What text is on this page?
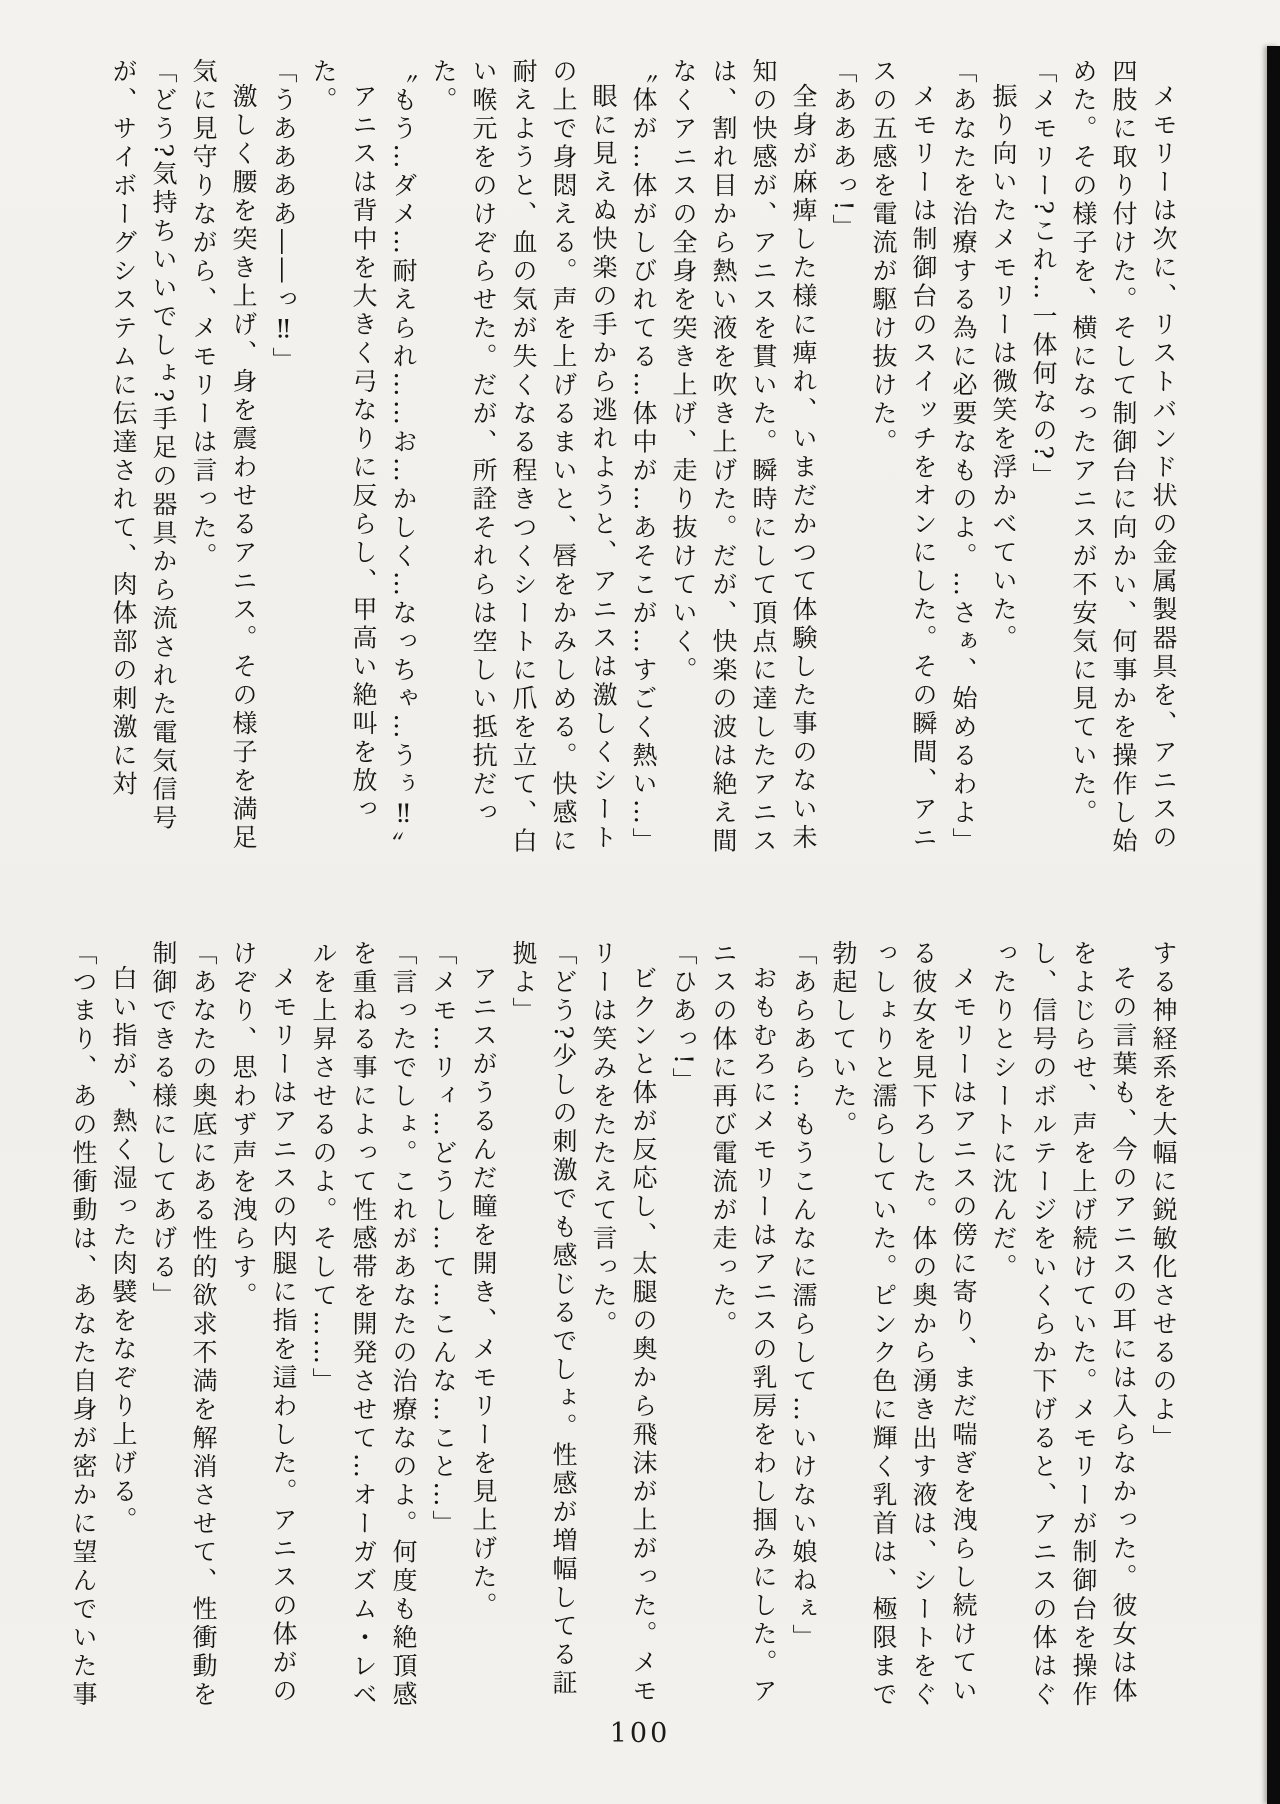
メモリーは次に、リストバンド状の金属製器具を、アニスの四肢に取り付けた。そして制御台に向かい、何事かを操作し始めた。その様子を、横になったアニスが不安気に見ていた。

「メモリー?これ…一体何なの?」

振り向いたメモリーは微笑を浮かべていた。

「あなたを治療する為に必要なものよ。…さぁ、始めるわよ」

メモリーは制御台のスイッチをオンにした。その瞬間、アニスの五感を電流が駆け抜けた。

「あああっ!」

全身が麻痺した様に痺れ、いまだかつて体験した事のない未知の快感が、アニスを貫いた。瞬時にして頂点に達したアニスは、割れ目から熱い液を吹き上げた。だが、快楽の波は絶え間なくアニスの全身を突き上げ、走り抜けていく。

〝体が…体がしびれてる…体中が…あそこが…すごく熱い…」

眼に見えぬ快楽の手から逃れようと、アニスは激しくシートの上で身悶える。声を上げるまいと、唇をかみしめる。快感に耐えようと、血の気が失くなる程きつくシートに爪を立て、白い喉元をのけぞらせた。だが、所詮それらは空しい抵抗だった。

〝もう…ダメ…耐えられ……お…かしく…なっちゃ…うぅ‼〟

アニスは背中を大きく弓なりに反らし、甲高い絶叫を放った。

「うああああ――っ‼」

激しく腰を突き上げ、身を震わせるアニス。その様子を満足気に見守りながら、メモリーは言った。

「どう?気持ちいいでしょ?手足の器具から流された電気信号が、サイボーグシステムに伝達されて、肉体部の刺激に対

する神経系を大幅に鋭敏化させるのよ」

その言葉も、今のアニスの耳には入らなかった。彼女は体をよじらせ、声を上げ続けていた。メモリーが制御台を操作し、信号のボルテージをいくらか下げると、アニスの体はぐったりとシートに沈んだ。

メモリーはアニスの傍に寄り、まだ喘ぎを洩らし続けている彼女を見下ろした。体の奥から湧き出す液は、シートをぐっしょりと濡らしていた。ピンク色に輝く乳首は、極限まで勃起していた。

「あらあら…もうこんなに濡らして…いけない娘ねぇ」

おもむろにメモリーはアニスの乳房をわし掴みにした。アニスの体に再び電流が走った。

「ひあっ!」

ビクンと体が反応し、太腿の奥から飛沫が上がった。メモリーは笑みをたたえて言った。

「どう?少しの刺激でも感じるでしょ。性感が増幅してる証拠よ」

アニスがうるんだ瞳を開き、メモリーを見上げた。

「メモ…リィ…どうし…て…こんな…こと…」

「言ったでしょ。これがあなたの治療なのよ。何度も絶頂感を重ねる事によって性感帯を開発させて…オーガズム・レベルを上昇させるのよ。そして……」

メモリーはアニスの内腿に指を這わした。アニスの体がのけぞり、思わず声を洩らす。

「あなたの奥底にある性的欲求不満を解消させて、性衝動を制御できる様にしてあげる」

白い指が、熱く湿った肉襞をなぞり上げる。

「つまり、あの性衝動は、あなた自身が密かに望んでいた事

100
